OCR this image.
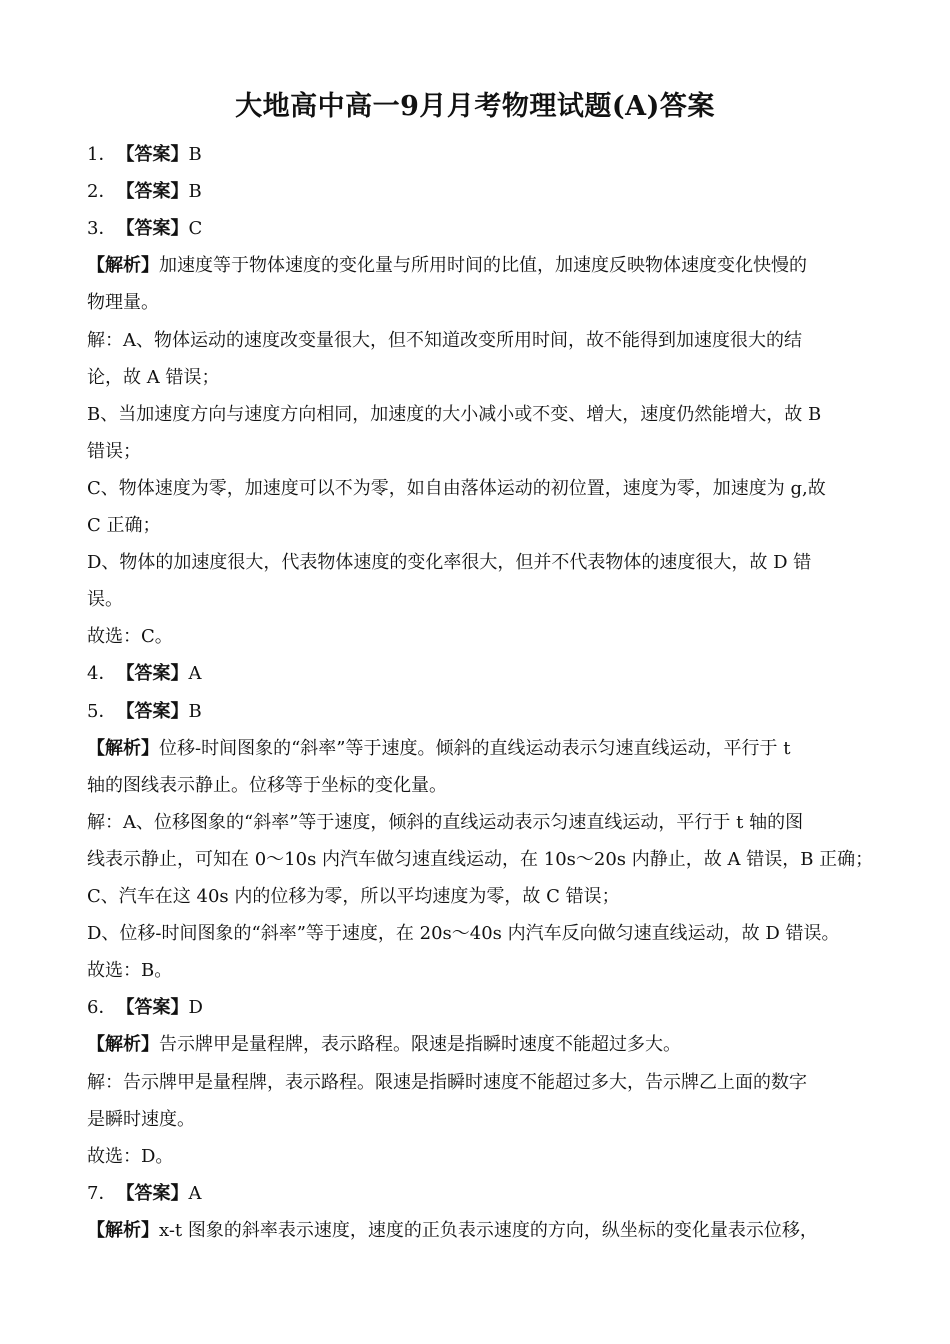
大地高中高一9月月考物理试题(A)答案
1．【答案】B
2．【答案】B
3．【答案】C
【解析】加速度等于物体速度的变化量与所用时间的比值，加速度反映物体速度变化快慢的
物理量。
解：A、物体运动的速度改变量很大，但不知道改变所用时间，故不能得到加速度很大的结
论，故 A 错误；
B、当加速度方向与速度方向相同，加速度的大小减小或不变、增大，速度仍然能增大，故 B
错误；
C、物体速度为零，加速度可以不为零，如自由落体运动的初位置，速度为零，加速度为 g,故
C 正确；
D、物体的加速度很大，代表物体速度的变化率很大，但并不代表物体的速度很大，故 D 错
误。
故选：C。
4．【答案】A
5．【答案】B
【解析】位移-时间图象的“斜率”等于速度。倾斜的直线运动表示匀速直线运动，平行于 t
轴的图线表示静止。位移等于坐标的变化量。
解：A、位移图象的“斜率”等于速度，倾斜的直线运动表示匀速直线运动，平行于 t 轴的图
线表示静止，可知在 0～10s 内汽车做匀速直线运动，在 10s～20s 内静止，故 A 错误，B 正确；
C、汽车在这 40s 内的位移为零，所以平均速度为零，故 C 错误；
D、位移-时间图象的“斜率”等于速度，在 20s～40s 内汽车反向做匀速直线运动，故 D 错误。
故选：B。
6．【答案】D
【解析】告示牌甲是量程牌，表示路程。限速是指瞬时速度不能超过多大。
解：告示牌甲是量程牌，表示路程。限速是指瞬时速度不能超过多大，告示牌乙上面的数字
是瞬时速度。
故选：D。
7．【答案】A
【解析】x-t 图象的斜率表示速度，速度的正负表示速度的方向，纵坐标的变化量表示位移，
